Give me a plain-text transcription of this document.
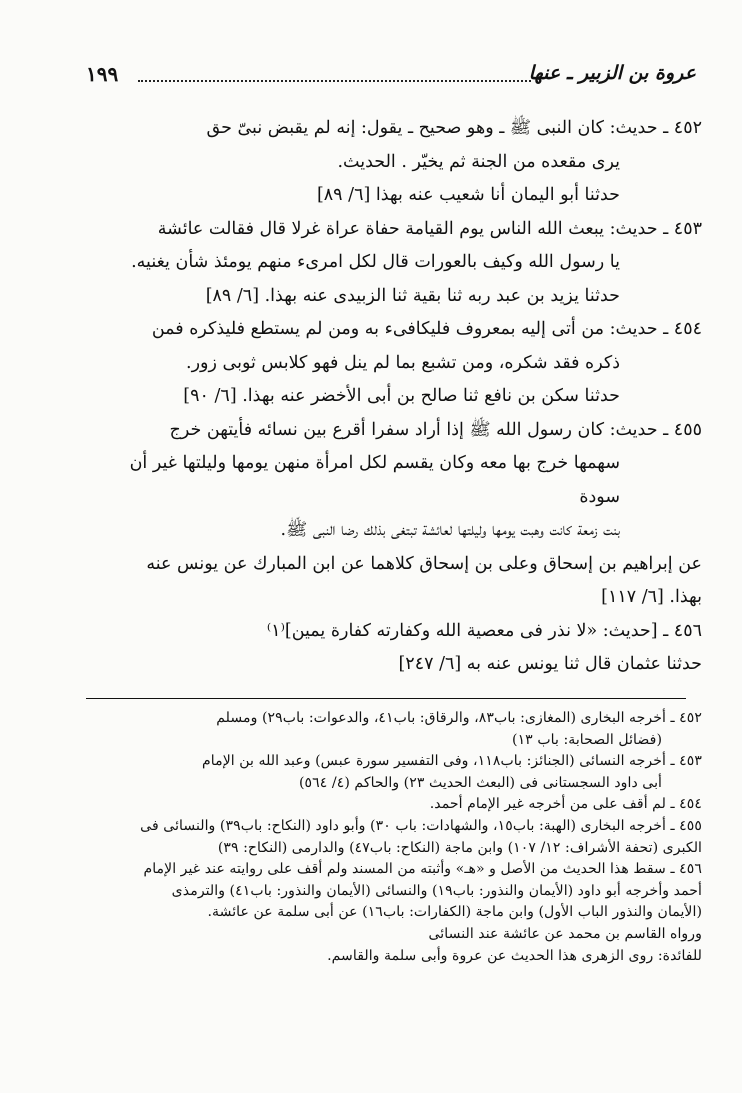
عروة بن الزبير ـ عنها
١٩٩

٤٥٢ ـ حديث: كان النبى ﷺ ـ وهو صحيح ـ يقول: إنه لم يقبض نبىّ حق

يرى مقعده من الجنة ثم يخيّر . الحديث.

حدثنا أبو اليمان أنا شعيب عنه بهذا [٦/ ٨٩]

٤٥٣ ـ حديث: يبعث الله الناس يوم القيامة حفاة عراة غرلا قال فقالت عائشة

يا رسول الله وكيف بالعورات قال لكل امرىء منهم يومئذ شأن يغنيه.

حدثنا يزيد بن عبد ربه ثنا بقية ثنا الزبيدى عنه بهذا. [٦/ ٨٩]

٤٥٤ ـ حديث: من أتى إليه بمعروف فليكافىء به ومن لم يستطع فليذكره فمن

ذكره فقد شكره، ومن تشبع بما لم ينل فهو كلابس ثوبى زور.

حدثنا سكن بن نافع ثنا صالح بن أبى الأخضر عنه بهذا. [٦/ ٩٠]

٤٥٥ ـ حديث: كان رسول الله ﷺ إذا أراد سفرا أقرع بين نسائه فأيتهن خرج

سهمها خرج بها معه وكان يقسم لكل امرأة منهن يومها وليلتها غير أن سودة

بنت زمعة كانت وهبت يومها وليلتها لعائشة تبتغى بذلك رضا النبى ﷺ.

عن إبراهيم بن إسحاق وعلى بن إسحاق كلاهما عن ابن المبارك عن يونس عنه

بهذا. [٦/ ١١٧]

٤٥٦ ـ [حديث: «لا نذر فى معصية الله وكفارته كفارة يمين]⁽١⁾

حدثنا عثمان قال ثنا يونس عنه به [٦/ ٢٤٧]

٤٥٢ ـ أخرجه البخارى (المغازى: باب٨٣، والرقاق: باب٤١، والدعوات: باب٢٩) ومسلم

(فضائل الصحابة: باب ١٣)

٤٥٣ ـ أخرجه النسائى (الجنائز: باب١١٨، وفى التفسير سورة عبس) وعبد الله بن الإمام

أبى داود السجستانى فى (البعث الحديث ٢٣) والحاكم (٤/ ٥٦٤)

٤٥٤ ـ لم أقف على من أخرجه غير الإمام أحمد.

٤٥٥ ـ أخرجه البخارى (الهبة: باب١٥، والشهادات: باب ٣٠) وأبو داود (النكاح: باب٣٩) والنسائى فى

الكبرى (تحفة الأشراف: ١٢/ ١٠٧) وابن ماجة (النكاح: باب٤٧) والدارمى (النكاح: ٣٩)

٤٥٦ ـ سقط هذا الحديث من الأصل و «هـ» وأثبته من المسند ولم أقف على روايته عند غير الإمام

أحمد وأخرجه أبو داود (الأيمان والنذور: باب١٩) والنسائى (الأيمان والنذور: باب٤١) والترمذى

(الأيمان والنذور الباب الأول) وابن ماجة (الكفارات: باب١٦) عن أبى سلمة عن عائشة.

ورواه القاسم بن محمد عن عائشة عند النسائى

للفائدة: روى الزهرى هذا الحديث عن عروة وأبى سلمة والقاسم.
